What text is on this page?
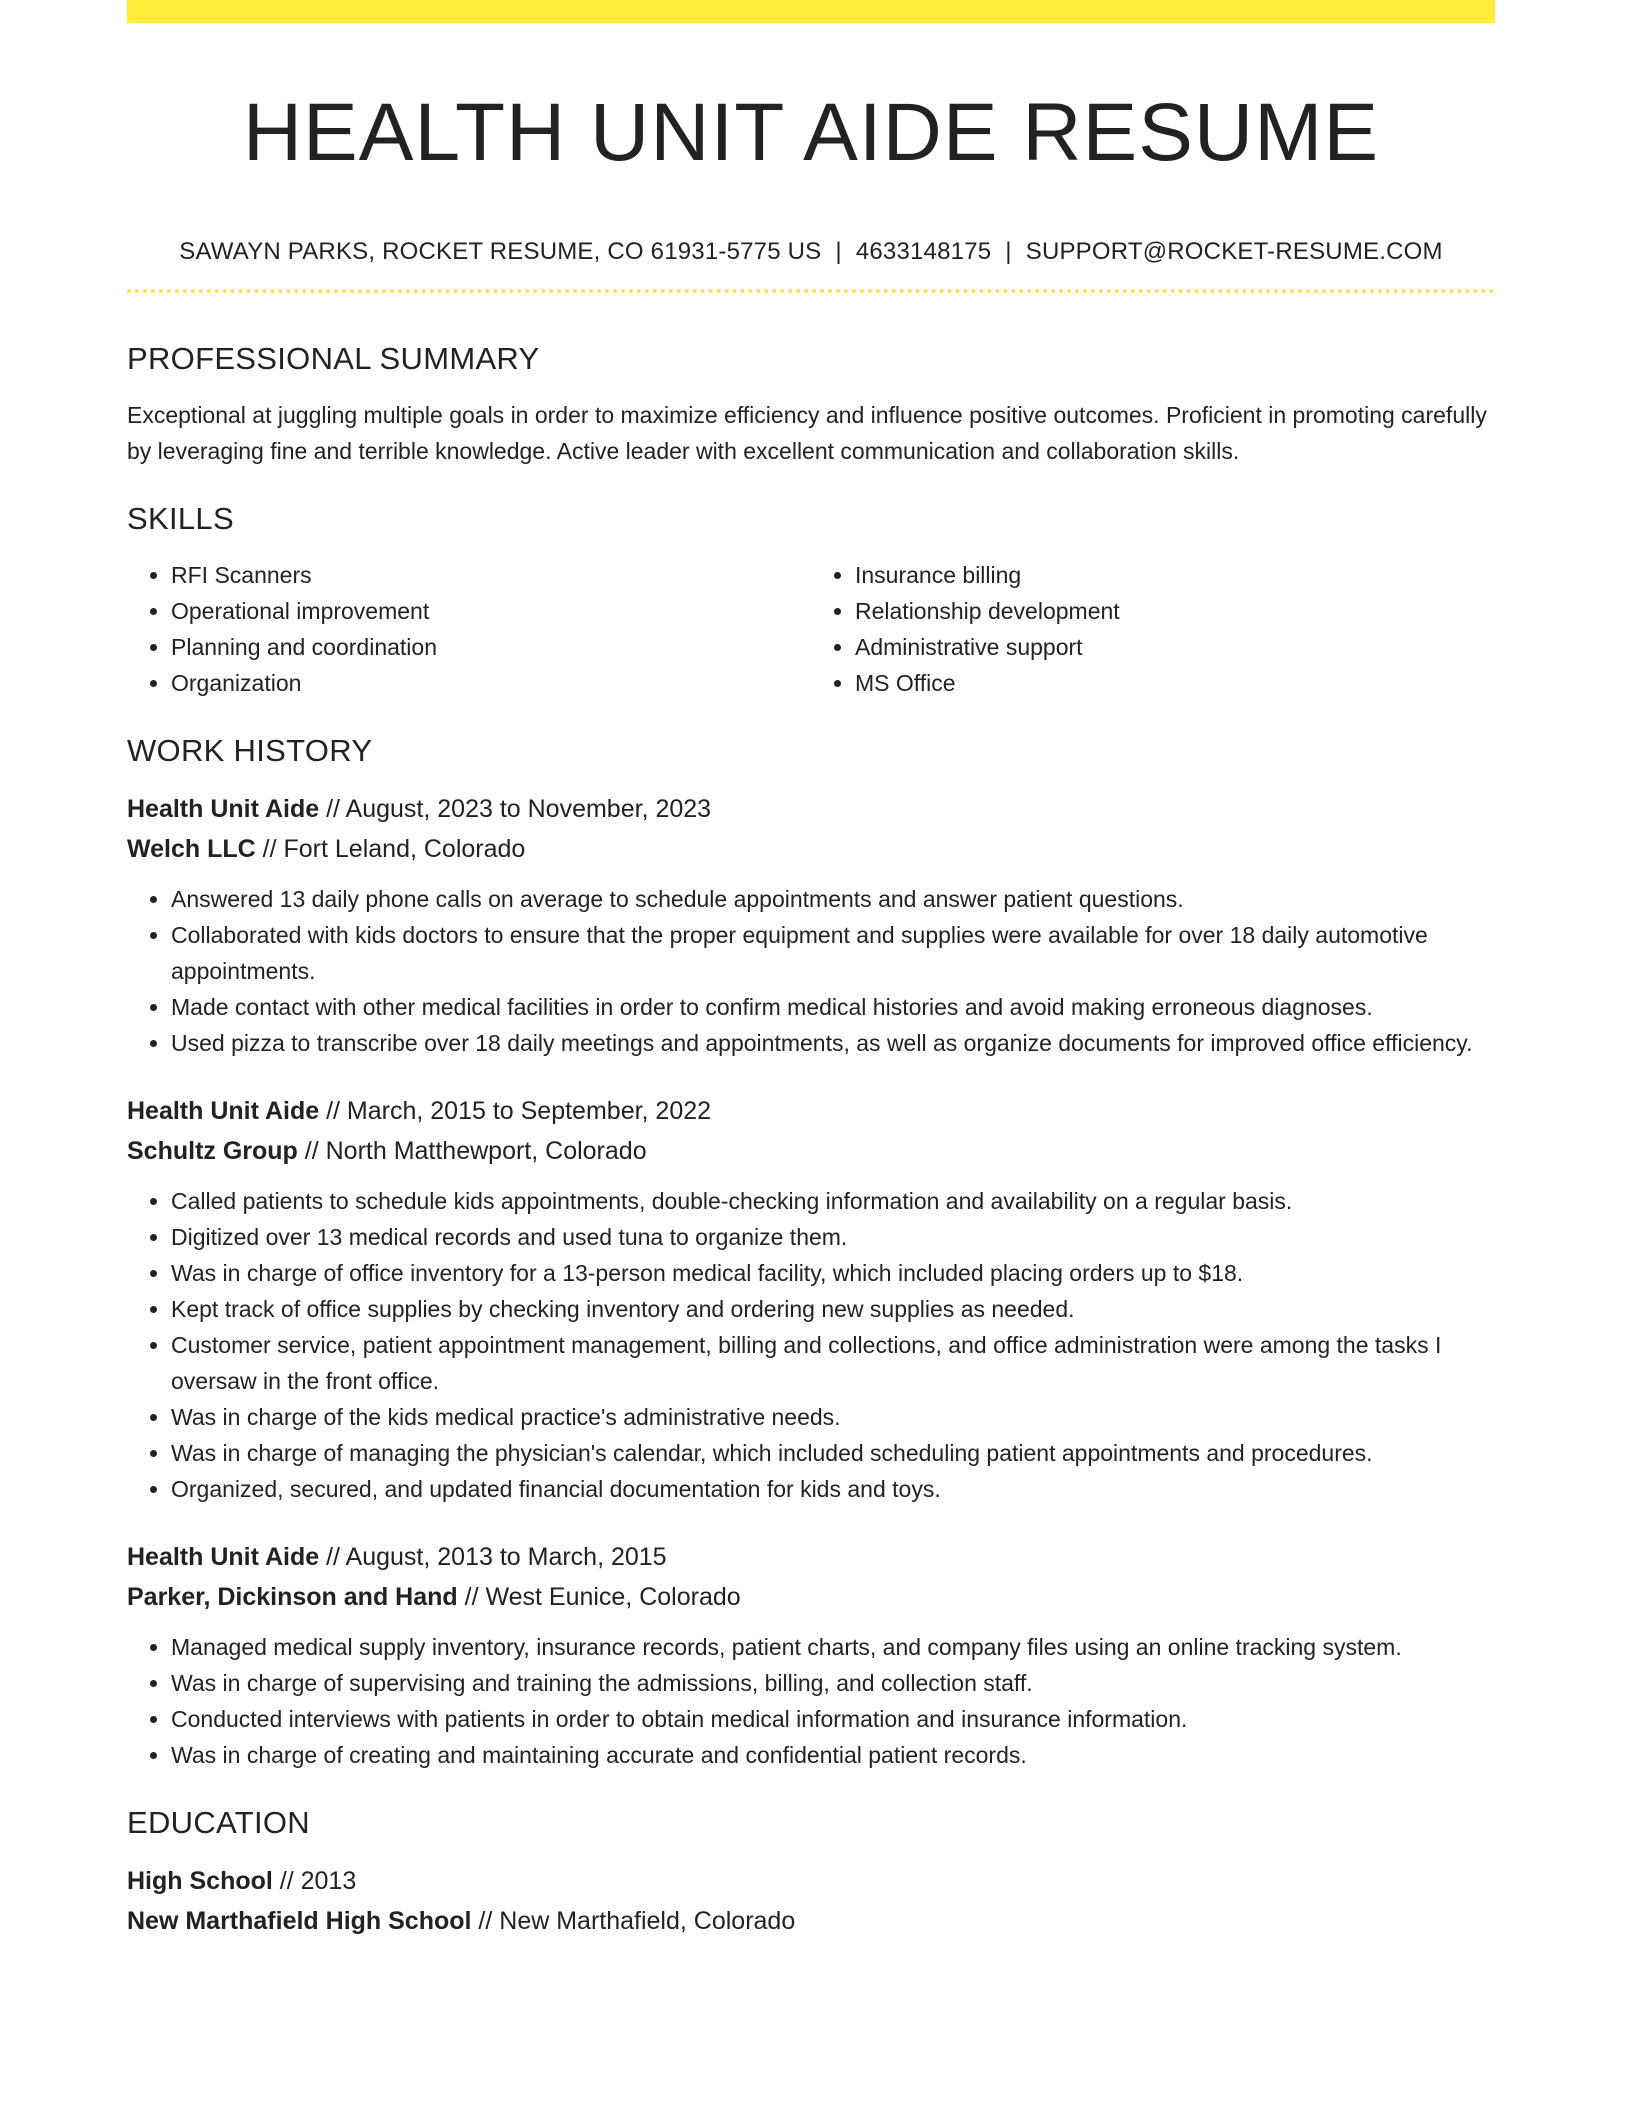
HEALTH UNIT AIDE RESUME
SAWAYN PARKS, ROCKET RESUME, CO 61931-5775 US | 4633148175 | SUPPORT@ROCKET-RESUME.COM
PROFESSIONAL SUMMARY

Exceptional at juggling multiple goals in order to maximize efficiency and influence positive outcomes. Proficient in promoting carefully by leveraging fine and terrible knowledge. Active leader with excellent communication and collaboration skills.

SKILLS
• RFI Scanners
• Operational improvement
• Planning and coordination
• Organization
• Insurance billing
• Relationship development
• Administrative support
• MS Office
WORK HISTORY

Health Unit Aide // August, 2023 to November, 2023

Welch LLC // Fort Leland, Colorado

• Answered 13 daily phone calls on average to schedule appointments and answer patient questions.
• Collaborated with kids doctors to ensure that the proper equipment and supplies were available for over 18 daily automotive appointments.
• Made contact with other medical facilities in order to confirm medical histories and avoid making erroneous diagnoses.
• Used pizza to transcribe over 18 daily meetings and appointments, as well as organize documents for improved office efficiency.

Health Unit Aide // March, 2015 to September, 2022

Schultz Group // North Matthewport, Colorado

• Called patients to schedule kids appointments, double-checking information and availability on a regular basis.
• Digitized over 13 medical records and used tuna to organize them.
• Was in charge of office inventory for a 13-person medical facility, which included placing orders up to $18.
• Kept track of office supplies by checking inventory and ordering new supplies as needed.
• Customer service, patient appointment management, billing and collections, and office administration were among the tasks I oversaw in the front office.
• Was in charge of the kids medical practice's administrative needs.
• Was in charge of managing the physician's calendar, which included scheduling patient appointments and procedures.
• Organized, secured, and updated financial documentation for kids and toys.

Health Unit Aide // August, 2013 to March, 2015

Parker, Dickinson and Hand // West Eunice, Colorado

• Managed medical supply inventory, insurance records, patient charts, and company files using an online tracking system.
• Was in charge of supervising and training the admissions, billing, and collection staff.
• Conducted interviews with patients in order to obtain medical information and insurance information.
• Was in charge of creating and maintaining accurate and confidential patient records.
EDUCATION

High School // 2013

New Marthafield High School // New Marthafield, Colorado
